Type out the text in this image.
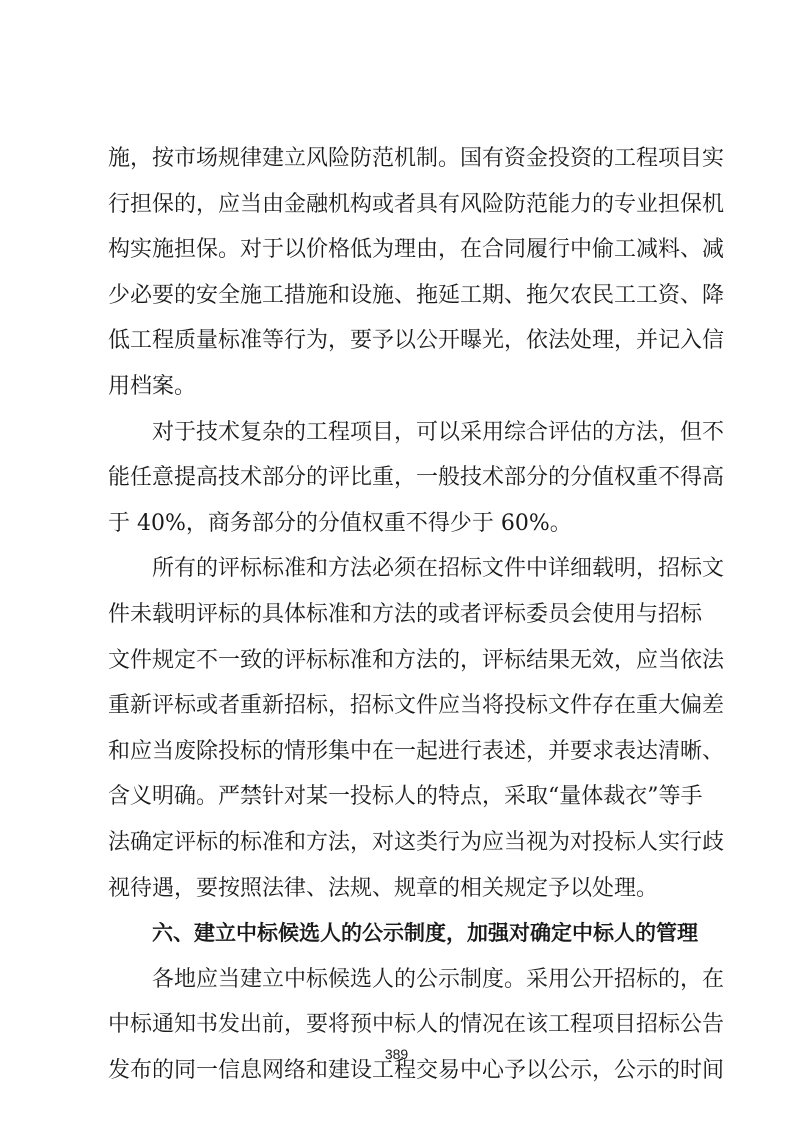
施，按市场规律建立风险防范机制。国有资金投资的工程项目实
行担保的，应当由金融机构或者具有风险防范能力的专业担保机
构实施担保。对于以价格低为理由，在合同履行中偷工减料、减
少必要的安全施工措施和设施、拖延工期、拖欠农民工工资、降
低工程质量标准等行为，要予以公开曝光，依法处理，并记入信
用档案。
对于技术复杂的工程项目，可以采用综合评估的方法，但不
能任意提高技术部分的评比重，一般技术部分的分值权重不得高
于 40%，商务部分的分值权重不得少于 60%。
所有的评标标准和方法必须在招标文件中详细载明，招标文
件未载明评标的具体标准和方法的或者评标委员会使用与招标
文件规定不一致的评标标准和方法的，评标结果无效，应当依法
重新评标或者重新招标，招标文件应当将投标文件存在重大偏差
和应当废除投标的情形集中在一起进行表述，并要求表达清晰、
含义明确。严禁针对某一投标人的特点，采取“量体裁衣”等手
法确定评标的标准和方法，对这类行为应当视为对投标人实行歧
视待遇，要按照法律、法规、规章的相关规定予以处理。
六、建立中标候选人的公示制度，加强对确定中标人的管理
各地应当建立中标候选人的公示制度。采用公开招标的，在
中标通知书发出前，要将预中标人的情况在该工程项目招标公告
发布的同一信息网络和建设工程交易中心予以公示，公示的时间
389
